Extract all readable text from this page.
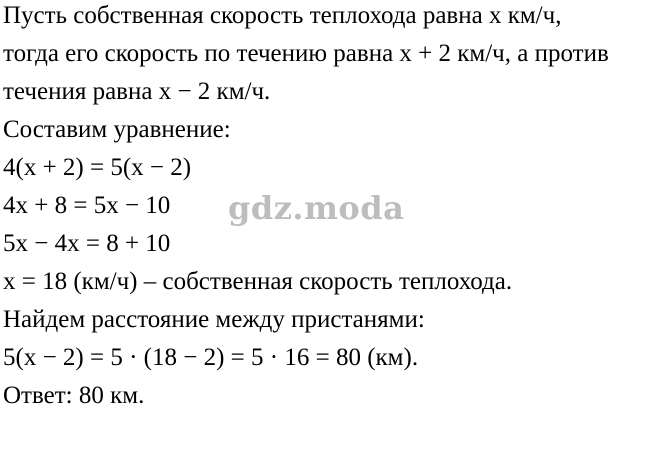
Пусть собственная скорость теплохода равна x км/ч,
тогда его скорость по течению равна x + 2 км/ч, а против
течения равна x − 2 км/ч.
Составим уравнение:
4(x + 2) = 5(x − 2)
4x + 8 = 5x − 10
5x − 4x = 8 + 10
x = 18 (км/ч) – собственная скорость теплохода.
Найдем расстояние между пристанями:
5(x − 2) = 5 · (18 − 2) = 5 · 16 = 80 (км).
Ответ: 80 км.
gdz.moda
